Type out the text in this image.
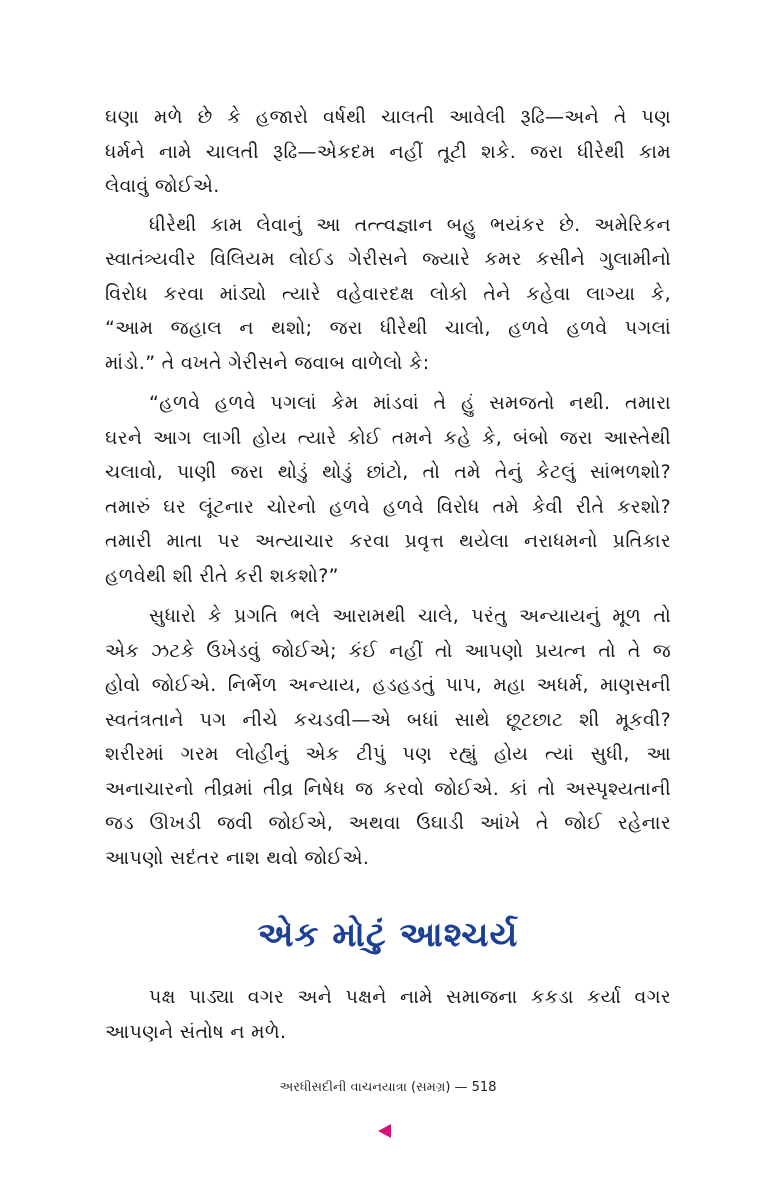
ઘણા મળે છે કે હજારો વર્ષથી ચાલતી આવેલી રૂઢિ—અને તે પણ
ધર્મને નામે ચાલતી રૂઢિ—એકદમ નહીં તૂટી શકે. જરા ધીરેથી કામ
લેવાવું જોઈએ.

ધીરેથી કામ લેવાનું આ તત્ત્વજ્ઞાન બહુ ભયંકર છે. અમેરિકન
સ્વાતંત્ર્યવીર વિલિયમ લોઈડ ગેરીસને જ્યારે કમર કસીને ગુલામીનો
વિરોધ કરવા માંડ્યો ત્યારે વહેવારદક્ષ લોકો તેને કહેવા લાગ્યા કે,
“આમ જહાલ ન થશો; જરા ધીરેથી ચાલો, હળવે હળવે પગલાં
માંડો.” તે વખતે ગેરીસને જવાબ વાળેલો કે:

“હળવે હળવે પગલાં કેમ માંડવાં તે હું સમજતો નથી. તમારા
ઘરને આગ લાગી હોય ત્યારે કોઈ તમને કહે કે, બંબો જરા આસ્તેથી
ચલાવો, પાણી જરા થોડું થોડું છાંટો, તો તમે તેનું કેટલું સાંભળશો?
તમારું ઘર લૂંટનાર ચોરનો હળવે હળવે વિરોધ તમે કેવી રીતે કરશો?
તમારી માતા પર અત્યાચાર કરવા પ્રવૃત્ત થયેલા નરાધમનો પ્રતિકાર
હળવેથી શી રીતે કરી શકશો?”

સુધારો કે પ્રગતિ ભલે આરામથી ચાલે, પરંતુ અન્યાયનું મૂળ તો
એક ઝટકે ઉખેડવું જોઈએ; કંઈ નહીં તો આપણો પ્રયત્ન તો તે જ
હોવો જોઈએ. નિર્ભેળ અન્યાય, હડહડતું પાપ, મહા અધર્મ, માણસની
સ્વતંત્રતાને પગ નીચે કચડવી—એ બધાં સાથે છૂટછાટ શી મૂકવી?
શરીરમાં ગરમ લોહીનું એક ટીપું પણ રહ્યું હોય ત્યાં સુધી, આ
અનાચારનો તીવ્રમાં તીવ્ર નિષેધ જ કરવો જોઈએ. કાં તો અસ્પૃશ્યતાની
જડ ઊખડી જવી જોઈએ, અથવા ઉઘાડી આંખે તે જોઈ રહેનાર
આપણો સદંતર નાશ થવો જોઈએ.

એક મોટું આશ્ચર્ય

પક્ષ પાડ્યા વગર અને પક્ષને નામે સમાજના કકડા કર્યા વગર
આપણને સંતોષ ન મળે.

અરધીસદીની વાચનયાત્રા (સમગ્ર) — 518
